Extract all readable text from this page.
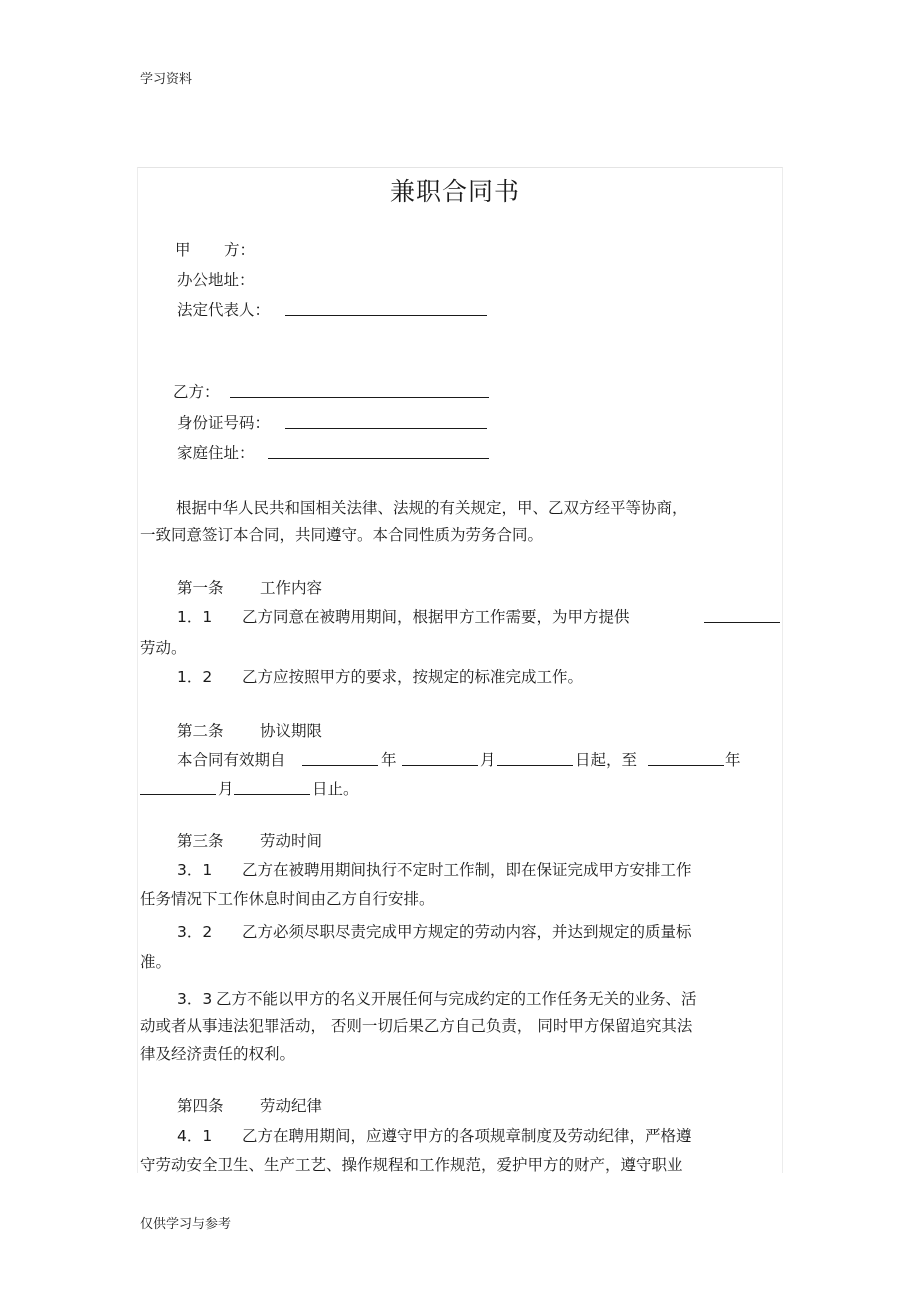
学习资料
兼职合同书
甲 方：
办公地址：
法定代表人：
乙方：
身份证号码：
家庭住址：
根据中华人民共和国相关法律、法规的有关规定，甲、乙双方经平等协商，
一致同意签订本合同，共同遵守。本合同性质为劳务合同。
第一条 工作内容
1．1 乙方同意在被聘用期间，根据甲方工作需要，为甲方提供
劳动。
1．2 乙方应按照甲方的要求，按规定的标准完成工作。
第二条 协议期限
本合同有效期自	年	月	日起，至	年
月	日止。
第三条 劳动时间
3．1 乙方在被聘用期间执行不定时工作制，即在保证完成甲方安排工作
任务情况下工作休息时间由乙方自行安排。
3．2 乙方必须尽职尽责完成甲方规定的劳动内容，并达到规定的质量标
准。
3．3 乙方不能以甲方的名义开展任何与完成约定的工作任务无关的业务、活
动或者从事违法犯罪活动， 否则一切后果乙方自己负责， 同时甲方保留追究其法
律及经济责任的权利。
第四条 劳动纪律
4．1 乙方在聘用期间，应遵守甲方的各项规章制度及劳动纪律，严格遵
守劳动安全卫生、生产工艺、操作规程和工作规范，爱护甲方的财产，遵守职业
仅供学习与参考
